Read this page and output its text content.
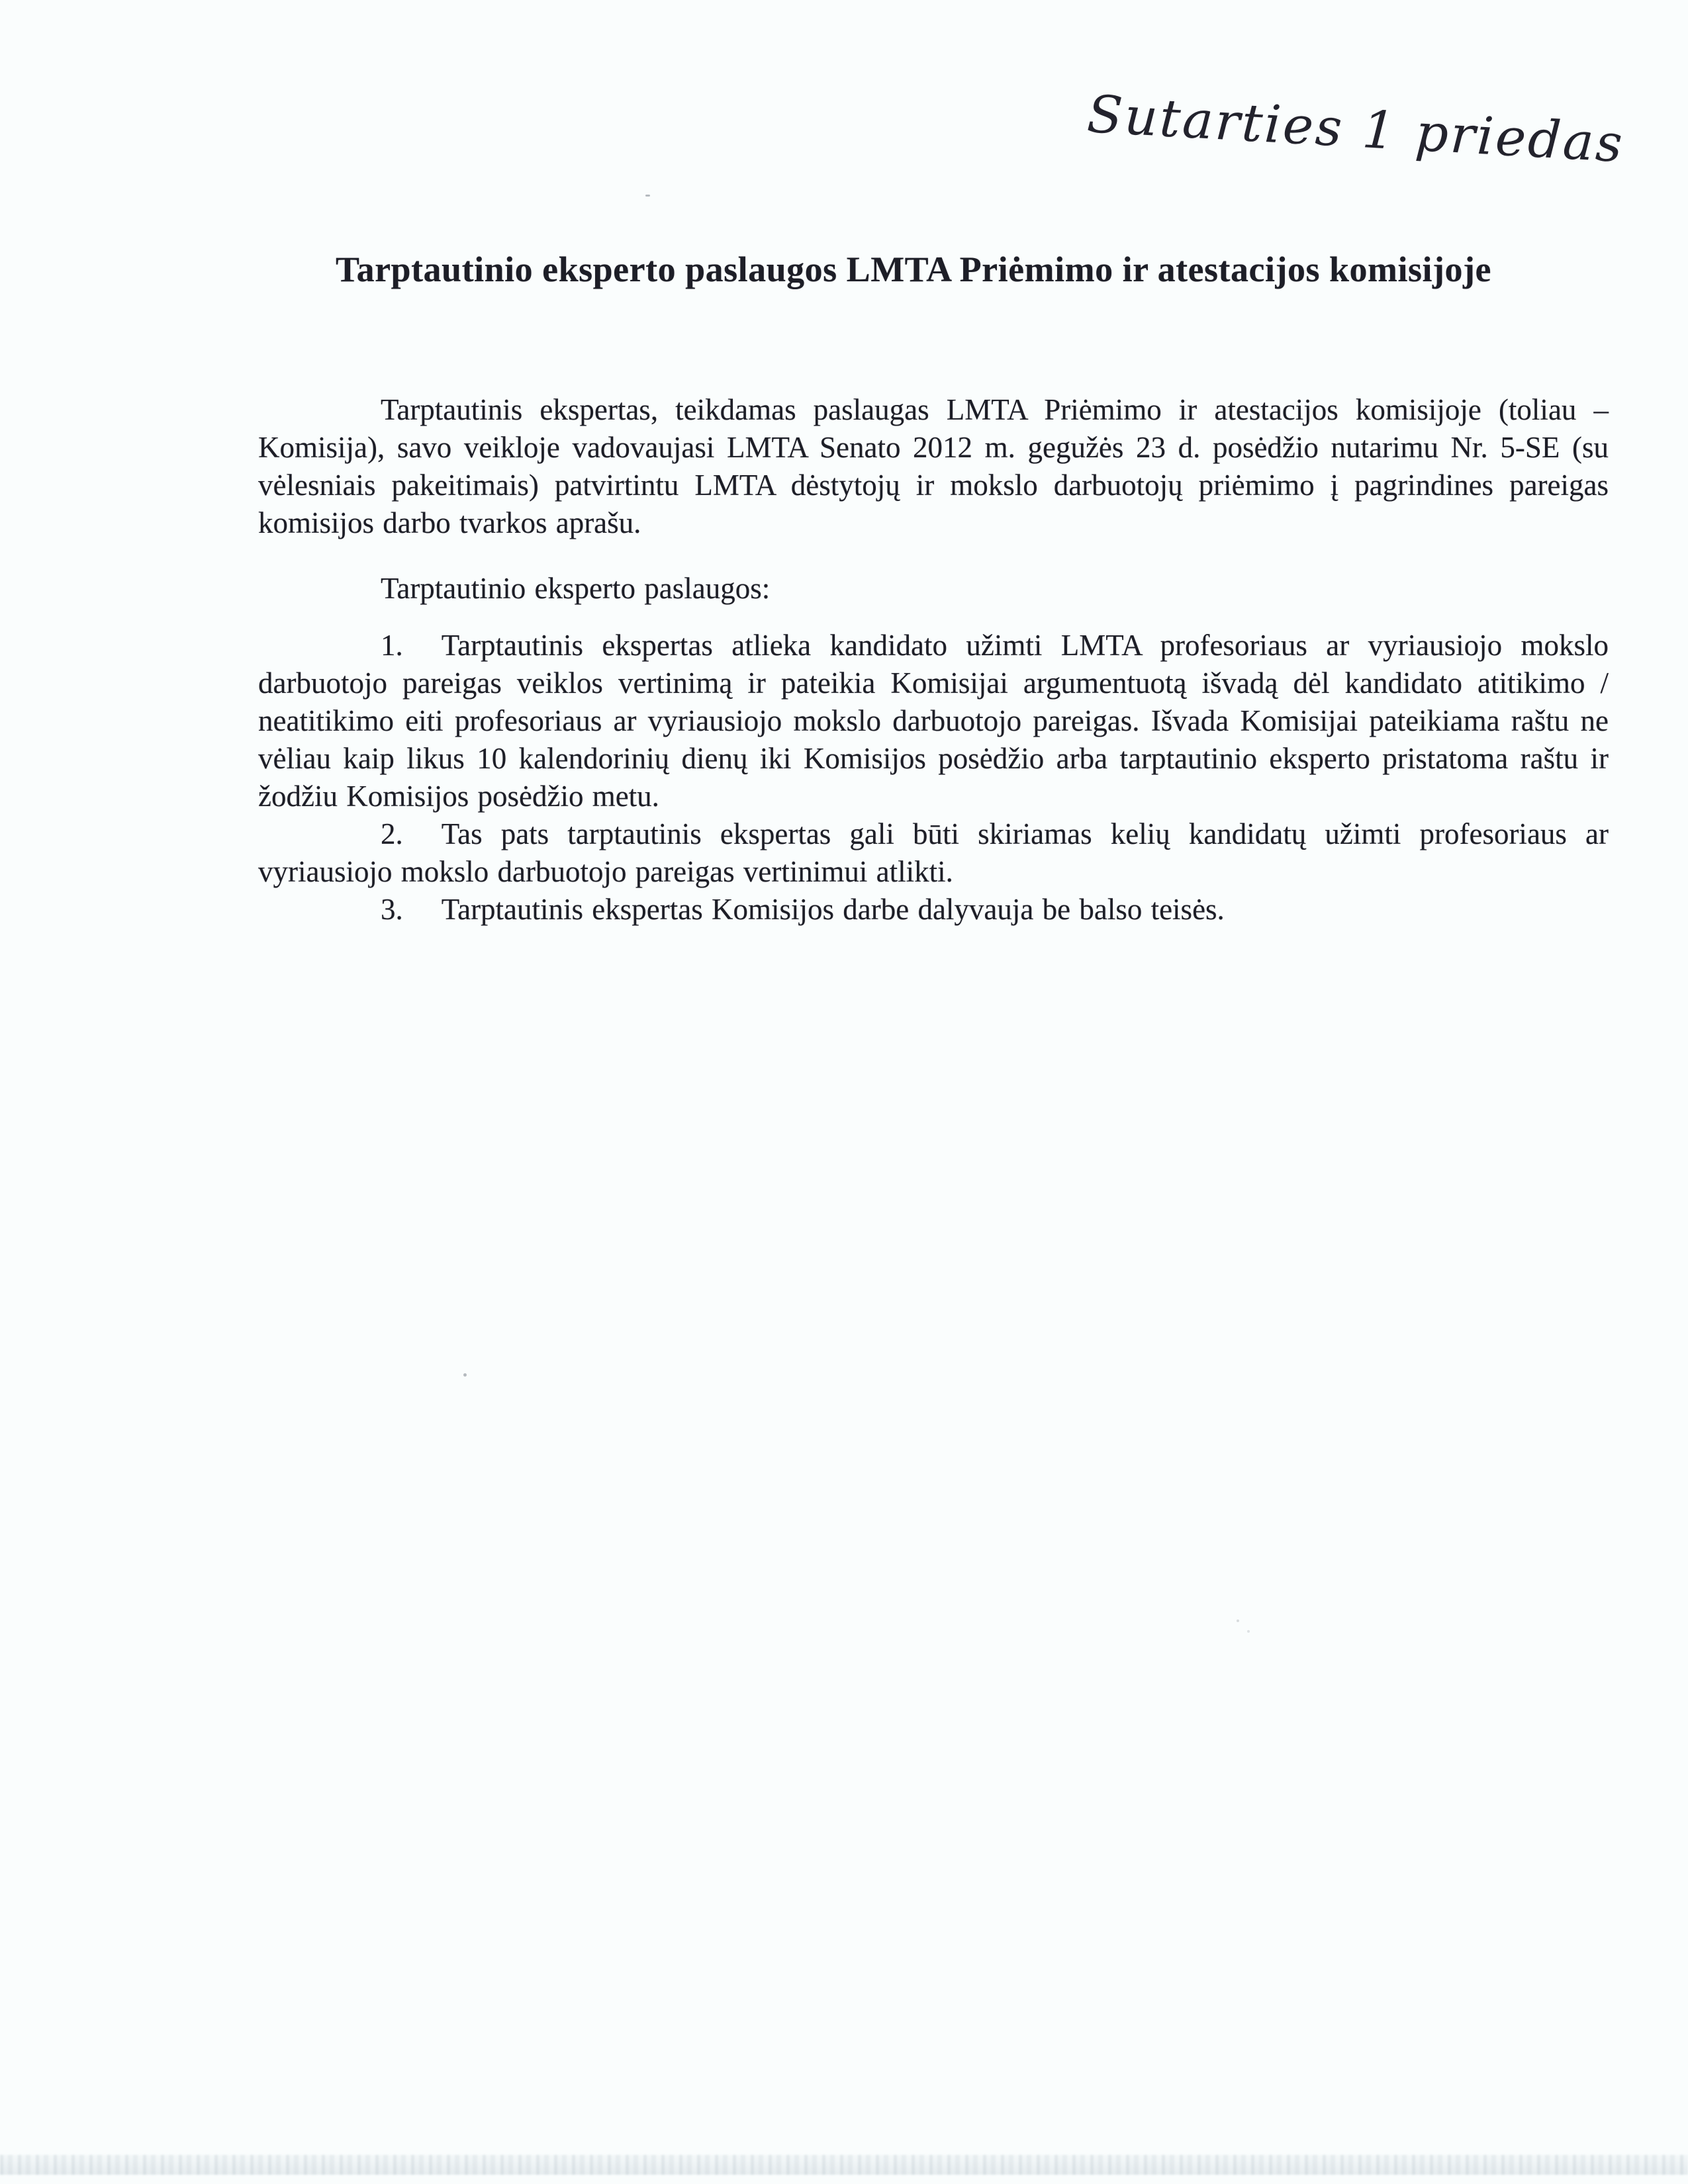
Sutarties 1 priedas
Tarptautinio eksperto paslaugos LMTA Priėmimo ir atestacijos komisijoje

Tarptautinis ekspertas, teikdamas paslaugas LMTA Priėmimo ir atestacijos komisijoje (toliau – Komisija), savo veikloje vadovaujasi LMTA Senato 2012 m. gegužės 23 d. posėdžio nutarimu Nr. 5-SE (su vėlesniais pakeitimais) patvirtintu LMTA dėstytojų ir mokslo darbuotojų priėmimo į pagrindines pareigas komisijos darbo tvarkos aprašu.

Tarptautinio eksperto paslaugos:

1. Tarptautinis ekspertas atlieka kandidato užimti LMTA profesoriaus ar vyriausiojo mokslo darbuotojo pareigas veiklos vertinimą ir pateikia Komisijai argumentuotą išvadą dėl kandidato atitikimo / neatitikimo eiti profesoriaus ar vyriausiojo mokslo darbuotojo pareigas. Išvada Komisijai pateikiama raštu ne vėliau kaip likus 10 kalendorinių dienų iki Komisijos posėdžio arba tarptautinio eksperto pristatoma raštu ir žodžiu Komisijos posėdžio metu.

2. Tas pats tarptautinis ekspertas gali būti skiriamas kelių kandidatų užimti profesoriaus ar vyriausiojo mokslo darbuotojo pareigas vertinimui atlikti.

3. Tarptautinis ekspertas Komisijos darbe dalyvauja be balso teisės.
